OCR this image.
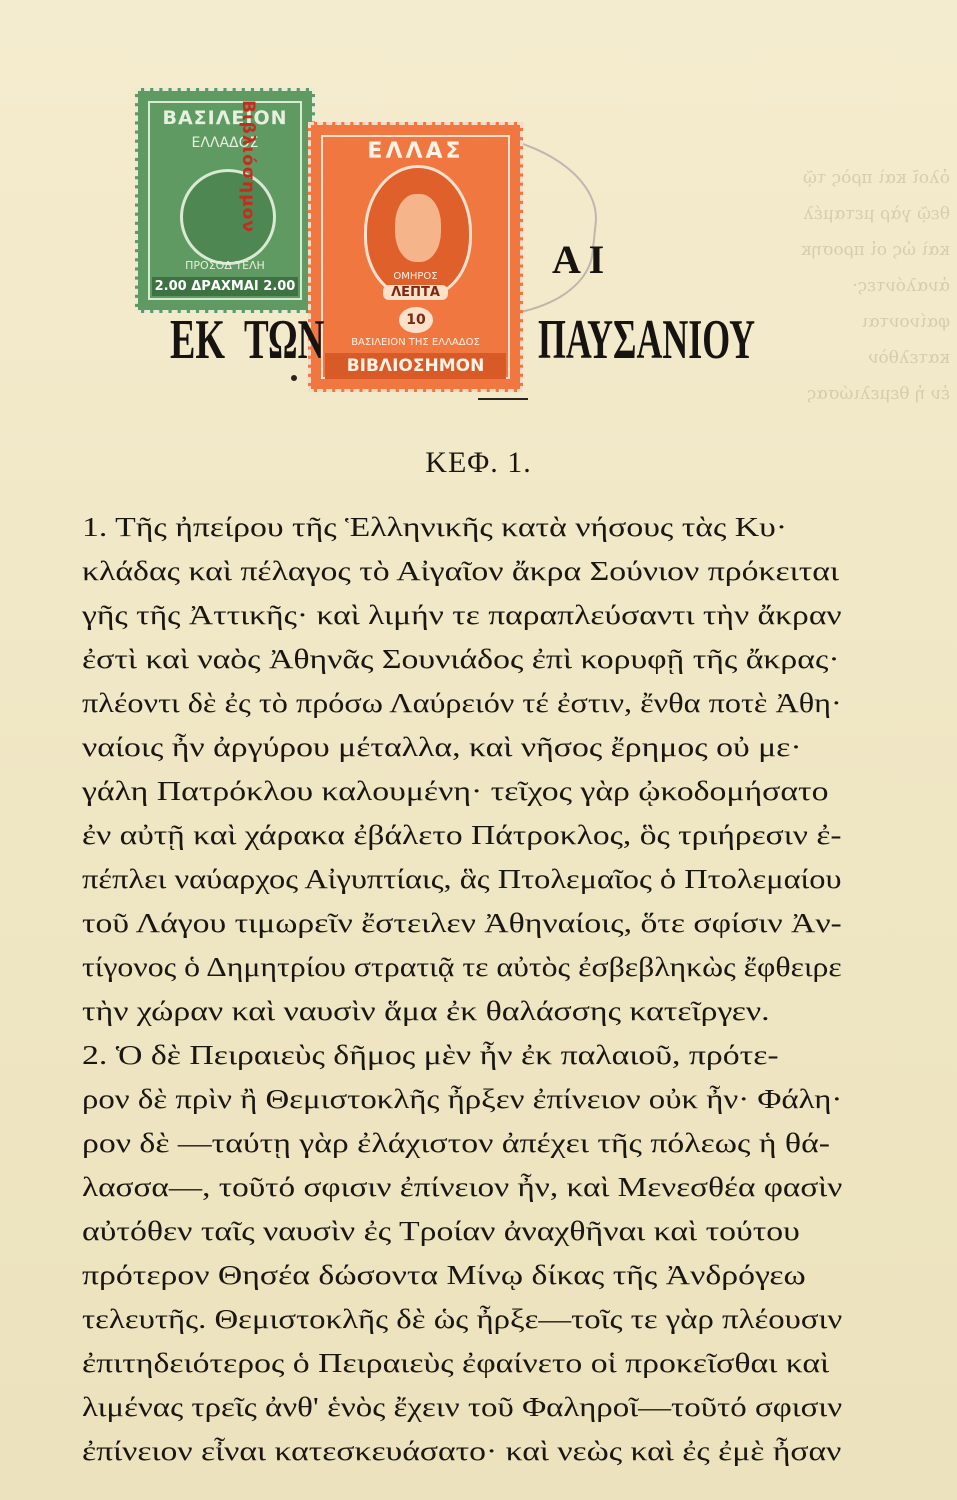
ὁλοῖ καὶ πρὸς τῷ
θεῷ γὰρ μεταμέλ
καὶ ὡς οἱ προσηκ
ἀναλόντες· φαίνονται
κατελθὸν
ἐν ἡ θεμελιώσας
ΒΑΣΙΛΕΙΟΝ
ΕΛΛΑΔΟΣ
ΠΡΟΣΟΔ ΤΕΛΗ
2.00 ΔΡΑΧΜΑΙ 2.00
Βιβλιόσημον	ΕΛΛΑΣ
ΛΕΠΤΑ
10
ΒΑΣΙΛΕΙΟΝ ΤΗΣ ΕΛΛΑΔΟΣ
ΒΙΒΛΙΟΣΗΜΟΝ
ΟΜΗΡΟΣ	Α Ι
ΕΚ ΤΩΝ	ΠΑΥΣΑΝΙΟΥ
ΚΕΦ. 1.
1. Τῆς ἠπείρου τῆς Ἑλληνικῆς κατὰ νήσους τὰς Κυ·
κλάδας καὶ πέλαγος τὸ Αἰγαῖον ἄκρα Σούνιον πρόκειται
γῆς τῆς Ἀττικῆς· καὶ λιμήν τε παραπλεύσαντι τὴν ἄκραν
ἐστὶ καὶ ναὸς Ἀθηνᾶς Σουνιάδος ἐπὶ κορυφῇ τῆς ἄκρας·
πλέοντι δὲ ἐς τὸ πρόσω Λαύρειόν τέ ἐστιν, ἔνθα ποτὲ Ἀθη·
ναίοις ἦν ἀργύρου μέταλλα, καὶ νῆσος ἔρημος οὐ με·
γάλη Πατρόκλου καλουμένη· τεῖχος γὰρ ᾠκοδομήσατο
ἐν αὐτῇ καὶ χάρακα ἐβάλετο Πάτροκλος, ὃς τριήρεσιν ἐ-
πέπλει ναύαρχος Αἰγυπτίαις, ἃς Πτολεμαῖος ὁ Πτολεμαίου
τοῦ Λάγου τιμωρεῖν ἔστειλεν Ἀθηναίοις, ὅτε σφίσιν Ἀν-
τίγονος ὁ Δημητρίου στρατιᾷ τε αὐτὸς ἐσβεβληκὼς ἔφθειρε
τὴν χώραν καὶ ναυσὶν ἅμα ἐκ θαλάσσης κατεῖργεν.
2. Ὁ δὲ Πειραιεὺς δῆμος μὲν ἦν ἐκ παλαιοῦ, πρότε-
ρον δὲ πρὶν ἢ Θεμιστοκλῆς ἦρξεν ἐπίνειον οὐκ ἦν· Φάλη·
ρον δὲ —ταύτῃ γὰρ ἐλάχιστον ἀπέχει τῆς πόλεως ἡ θά-
λασσα—, τοῦτό σφισιν ἐπίνειον ἦν, καὶ Μενεσθέα φασὶν
αὐτόθεν ταῖς ναυσὶν ἐς Τροίαν ἀναχθῆναι καὶ τούτου
πρότερον Θησέα δώσοντα Μίνῳ δίκας τῆς Ἀνδρόγεω
τελευτῆς. Θεμιστοκλῆς δὲ ὡς ἦρξε—τοῖς τε γὰρ πλέουσιν
ἐπιτηδειότερος ὁ Πειραιεὺς ἐφαίνετο οἱ προκεῖσθαι καὶ
λιμένας τρεῖς ἀνθ' ἑνὸς ἔχειν τοῦ Φαληροῖ—τοῦτό σφισιν
ἐπίνειον εἶναι κατεσκευάσατο· καὶ νεὼς καὶ ἐς ἐμὲ ἦσαν
